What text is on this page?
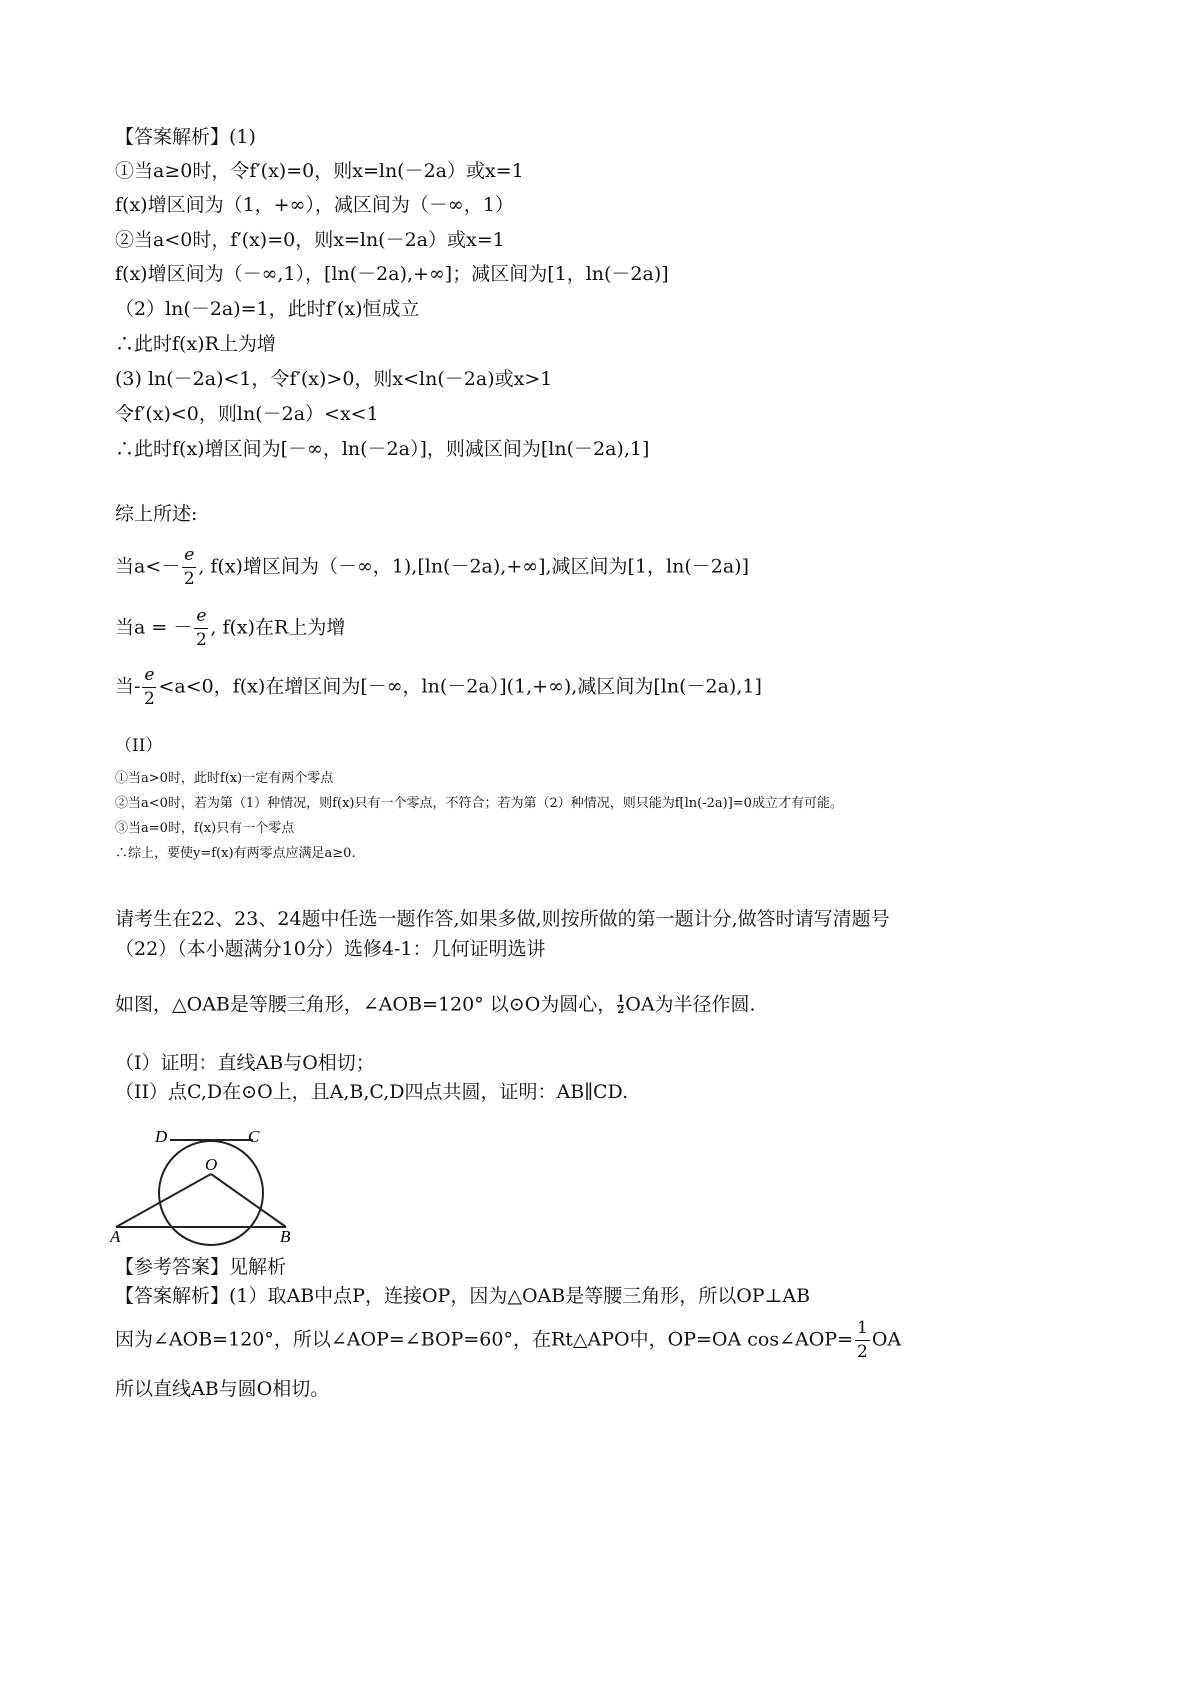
【答案解析】(1)
①当a≥0时，令f′(x)=0，则x=ln(－2a）或x=1
f(x)增区间为（1，+∞），减区间为（－∞，1）
②当a<0时，f′(x)=0，则x=ln(－2a）或x=1
f(x)增区间为（－∞,1），[ln(－2a),+∞]；减区间为[1，ln(－2a)]
（2）ln(－2a)=1，此时f′(x)恒成立
∴此时f(x)R上为增
(3) ln(－2a)<1，令f′(x)>0，则x<ln(－2a)或x>1
令f′(x)<0，则ln(－2a）<x<1
∴此时f(x)增区间为[－∞，ln(－2a）]，则减区间为[ln(－2a),1]
综上所述:
当$a<- \frac{e}{2}$ , f(x)增区间为（－∞，1),[ln(－2a),+∞],减区间为[1，ln(－2a)]
当a = － $\frac{e}{2}$ , f(x)在R上为增
当- $\frac{e}{2} <a<0$，f(x)在增区间为[－∞，ln(－2a）](1,+∞),减区间为[ln(－2a),1]
（II）
①当a>0时，此时f(x)一定有两个零点
②当a<0时，若为第（1）种情况，则f(x)只有一个零点，不符合；若为第（2）种情况，则只能为f[ln(-2a)]=0成立才有可能。
③当a=0时，f(x)只有一个零点
∴综上，要使y=f(x)有两零点应满足a≥0.
请考生在22、23、24题中任选一题作答,如果多做,则按所做的第一题计分,做答时请写清题号
（22）（本小题满分10分）选修4-1：几何证明选讲
如图，△OAB是等腰三角形，∠AOB=120° 以⊙O为圆心， $\frac{1}{2}$ OA为半径作圆.
（I）证明：直线AB与O相切；
（II）点C,D在⊙O上，且A,B,C,D四点共圆，证明：AB∥CD.
D	C
O
A	B
【参考答案】见解析
【答案解析】(1）取AB中点P，连接OP，因为△OAB是等腰三角形，所以OP⊥AB
因为∠AOB=120°，所以∠AOP=∠BOP=60°，在Rt△APO中，OP=OA cos∠AOP= $\frac{1}{2}$ OA
所以直线AB与圆O相切。
